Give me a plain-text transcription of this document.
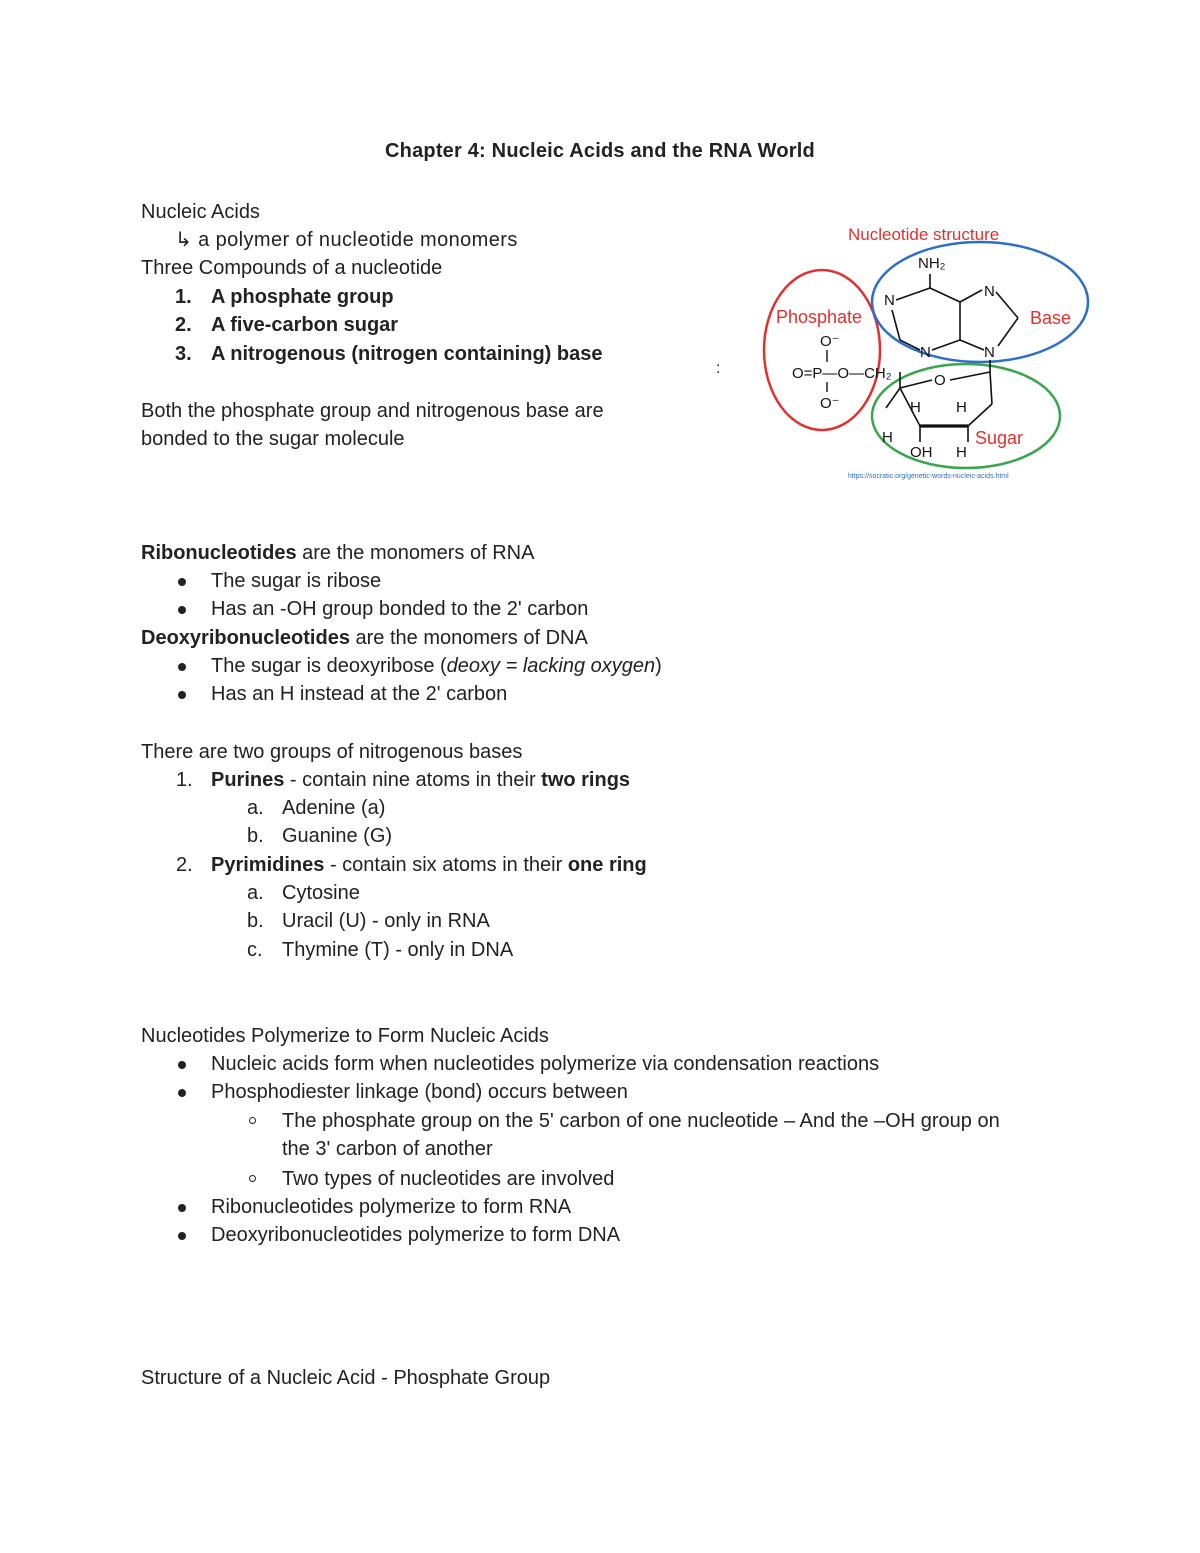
Chapter 4: Nucleic Acids and the RNA World
Nucleic Acids
↳ a polymer of nucleotide monomers
Three Compounds of a nucleotide
1. A phosphate group
2. A five-carbon sugar
3. A nitrogenous (nitrogen containing) base
Both the phosphate group and nitrogenous base are
bonded to the sugar molecule
:
Nucleotide structure
Phosphate	Base
Sugar
NH₂
N
N
N	N
O⁻
O=P—O—CH₂
O⁻
O
H H
H
OH H
https://socratic.org/genetic-words-nucleic-acids.html
Ribonucleotides are the monomers of RNA
The sugar is ribose
Has an -OH group bonded to the 2' carbon
Deoxyribonucleotides are the monomers of DNA
The sugar is deoxyribose (deoxy = lacking oxygen)
Has an H instead at the 2' carbon
There are two groups of nitrogenous bases
1. Purines - contain nine atoms in their two rings
a. Adenine (a)
b. Guanine (G)
2. Pyrimidines - contain six atoms in their one ring
a. Cytosine
b. Uracil (U) - only in RNA
c. Thymine (T) - only in DNA
Nucleotides Polymerize to Form Nucleic Acids
Nucleic acids form when nucleotides polymerize via condensation reactions
Phosphodiester linkage (bond) occurs between
The phosphate group on the 5' carbon of one nucleotide – And the –OH group on
the 3' carbon of another
Two types of nucleotides are involved
Ribonucleotides polymerize to form RNA
Deoxyribonucleotides polymerize to form DNA
Structure of a Nucleic Acid - Phosphate Group
